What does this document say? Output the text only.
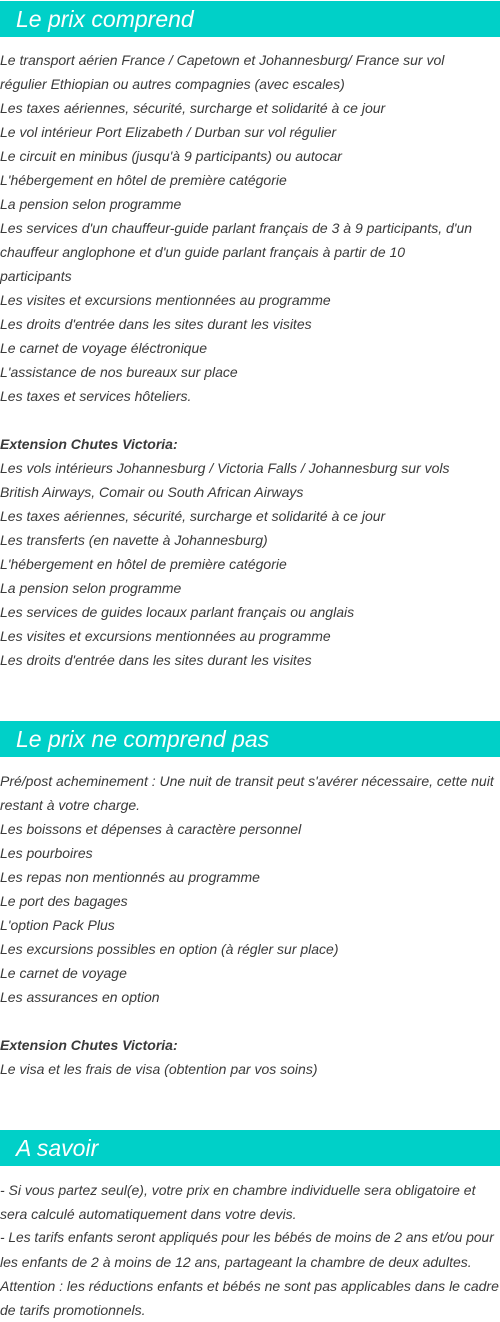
Le prix comprend
Le transport aérien France / Capetown et Johannesburg/ France sur vol
régulier Ethiopian ou autres compagnies (avec escales)
Les taxes aériennes, sécurité, surcharge et solidarité à ce jour
Le vol intérieur Port Elizabeth / Durban sur vol régulier
Le circuit en minibus (jusqu'à 9 participants) ou autocar
L'hébergement en hôtel de première catégorie
La pension selon programme
Les services d'un chauffeur-guide parlant français de 3 à 9 participants, d'un
chauffeur anglophone et d'un guide parlant français à partir de 10
participants
Les visites et excursions mentionnées au programme
Les droits d'entrée dans les sites durant les visites
Le carnet de voyage éléctronique
L'assistance de nos bureaux sur place
Les taxes et services hôteliers.
Extension Chutes Victoria:
Les vols intérieurs Johannesburg / Victoria Falls / Johannesburg sur vols
British Airways, Comair ou South African Airways
Les taxes aériennes, sécurité, surcharge et solidarité à ce jour
Les transferts (en navette à Johannesburg)
L'hébergement en hôtel de première catégorie
La pension selon programme
Les services de guides locaux parlant français ou anglais
Les visites et excursions mentionnées au programme
Les droits d'entrée dans les sites durant les visites
Le prix ne comprend pas
Pré/post acheminement : Une nuit de transit peut s'avérer nécessaire, cette nuit
restant à votre charge.
Les boissons et dépenses à caractère personnel
Les pourboires
Les repas non mentionnés au programme
Le port des bagages
L'option Pack Plus
Les excursions possibles en option (à régler sur place)
Le carnet de voyage
Les assurances en option
Extension Chutes Victoria:
Le visa et les frais de visa (obtention par vos soins)
A savoir
- Si vous partez seul(e), votre prix en chambre individuelle sera obligatoire et
sera calculé automatiquement dans votre devis.
- Les tarifs enfants seront appliqués pour les bébés de moins de 2 ans et/ou pour
les enfants de 2 à moins de 12 ans, partageant la chambre de deux adultes.
Attention : les réductions enfants et bébés ne sont pas applicables dans le cadre
de tarifs promotionnels.
